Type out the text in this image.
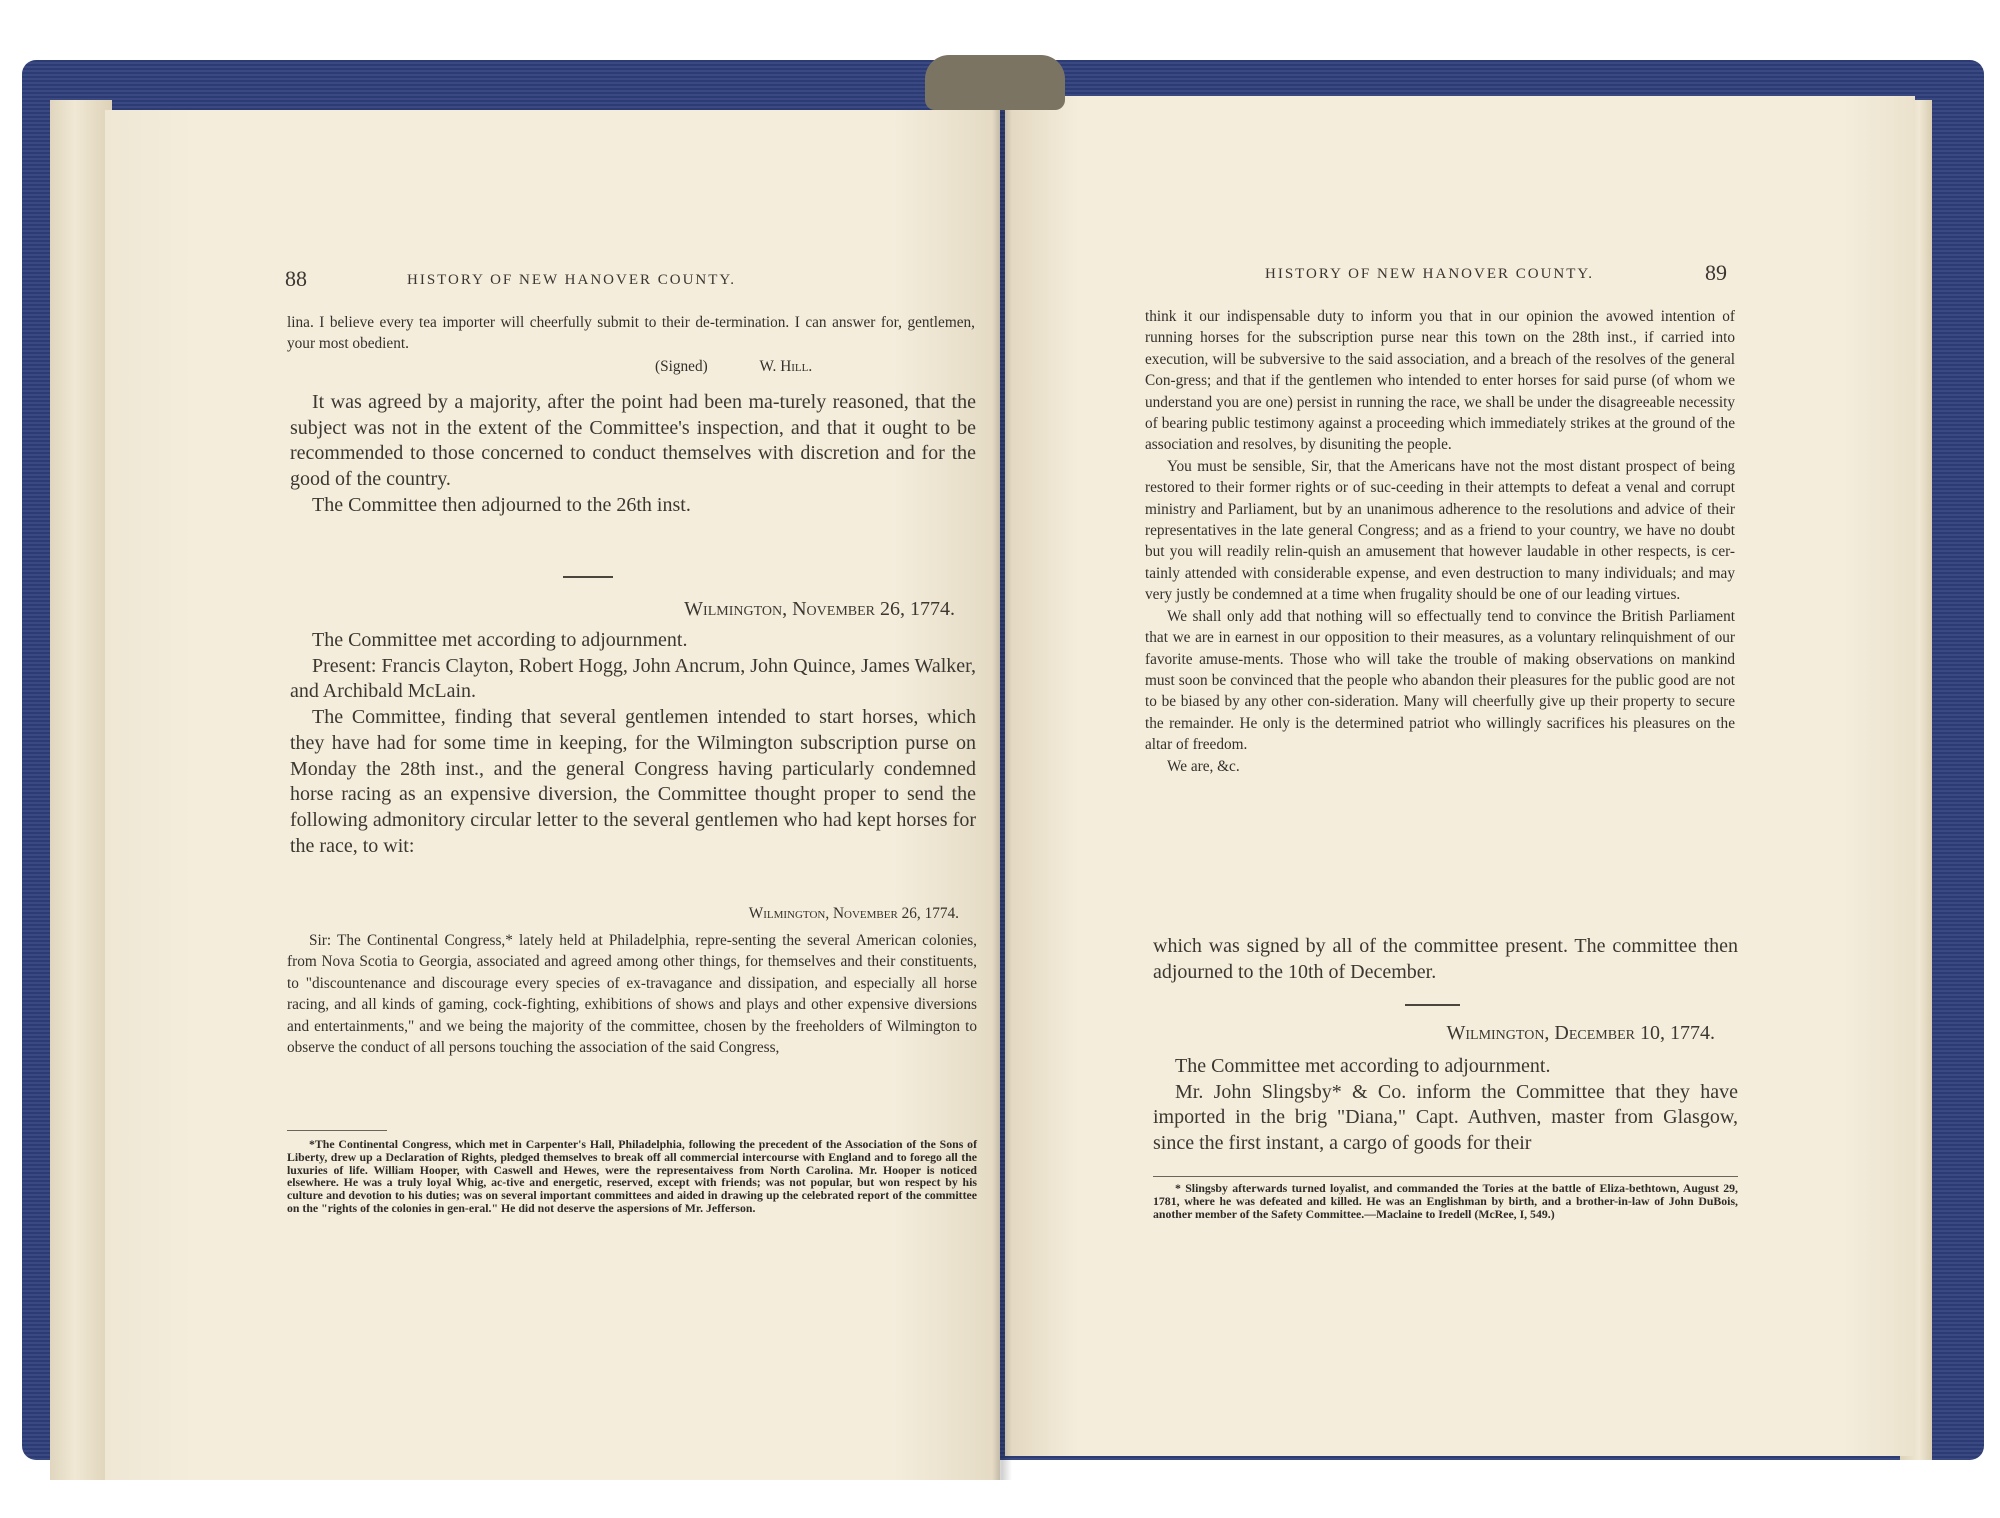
88	HISTORY OF NEW HANOVER COUNTY.

lina. I believe every tea importer will cheerfully submit to their de-termination. I can answer for, gentlemen, your most obedient.

(Signed)	W. Hill.

It was agreed by a majority, after the point had been ma-turely reasoned, that the subject was not in the extent of the Committee's inspection, and that it ought to be recommended to those concerned to conduct themselves with discretion and for the good of the country.

The Committee then adjourned to the 26th inst.

Wilmington, November 26, 1774.

The Committee met according to adjournment.

Present: Francis Clayton, Robert Hogg, John Ancrum, John Quince, James Walker, and Archibald McLain.

The Committee, finding that several gentlemen intended to start horses, which they have had for some time in keeping, for the Wilmington subscription purse on Monday the 28th inst., and the general Congress having particularly condemned horse racing as an expensive diversion, the Committee thought proper to send the following admonitory circular letter to the several gentlemen who had kept horses for the race, to wit:

Wilmington, November 26, 1774.

Sir: The Continental Congress,* lately held at Philadelphia, repre-senting the several American colonies, from Nova Scotia to Georgia, associated and agreed among other things, for themselves and their constituents, to "discountenance and discourage every species of ex-travagance and dissipation, and especially all horse racing, and all kinds of gaming, cock-fighting, exhibitions of shows and plays and other expensive diversions and entertainments," and we being the majority of the committee, chosen by the freeholders of Wilmington to observe the conduct of all persons touching the association of the said Congress,

*The Continental Congress, which met in Carpenter's Hall, Philadelphia, following the precedent of the Association of the Sons of Liberty, drew up a Declaration of Rights, pledged themselves to break off all commercial intercourse with England and to forego all the luxuries of life. William Hooper, with Caswell and Hewes, were the representaivess from North Carolina. Mr. Hooper is noticed elsewhere. He was a truly loyal Whig, ac-tive and energetic, reserved, except with friends; was not popular, but won respect by his culture and devotion to his duties; was on several important committees and aided in drawing up the celebrated report of the committee on the "rights of the colonies in gen-eral." He did not deserve the aspersions of Mr. Jefferson.

HISTORY OF NEW HANOVER COUNTY.	89

think it our indispensable duty to inform you that in our opinion the avowed intention of running horses for the subscription purse near this town on the 28th inst., if carried into execution, will be subversive to the said association, and a breach of the resolves of the general Con-gress; and that if the gentlemen who intended to enter horses for said purse (of whom we understand you are one) persist in running the race, we shall be under the disagreeable necessity of bearing public testimony against a proceeding which immediately strikes at the ground of the association and resolves, by disuniting the people.

You must be sensible, Sir, that the Americans have not the most distant prospect of being restored to their former rights or of suc-ceeding in their attempts to defeat a venal and corrupt ministry and Parliament, but by an unanimous adherence to the resolutions and advice of their representatives in the late general Congress; and as a friend to your country, we have no doubt but you will readily relin-quish an amusement that however laudable in other respects, is cer-tainly attended with considerable expense, and even destruction to many individuals; and may very justly be condemned at a time when frugality should be one of our leading virtues.

We shall only add that nothing will so effectually tend to convince the British Parliament that we are in earnest in our opposition to their measures, as a voluntary relinquishment of our favorite amuse-ments. Those who will take the trouble of making observations on mankind must soon be convinced that the people who abandon their pleasures for the public good are not to be biased by any other con-sideration. Many will cheerfully give up their property to secure the remainder. He only is the determined patriot who willingly sacrifices his pleasures on the altar of freedom.

We are, &c.

which was signed by all of the committee present. The committee then adjourned to the 10th of December.

Wilmington, December 10, 1774.

The Committee met according to adjournment.

Mr. John Slingsby* & Co. inform the Committee that they have imported in the brig "Diana," Capt. Authven, master from Glasgow, since the first instant, a cargo of goods for their

* Slingsby afterwards turned loyalist, and commanded the Tories at the battle of Eliza-bethtown, August 29, 1781, where he was defeated and killed. He was an Englishman by birth, and a brother-in-law of John DuBois, another member of the Safety Committee.—Maclaine to Iredell (McRee, I, 549.)
